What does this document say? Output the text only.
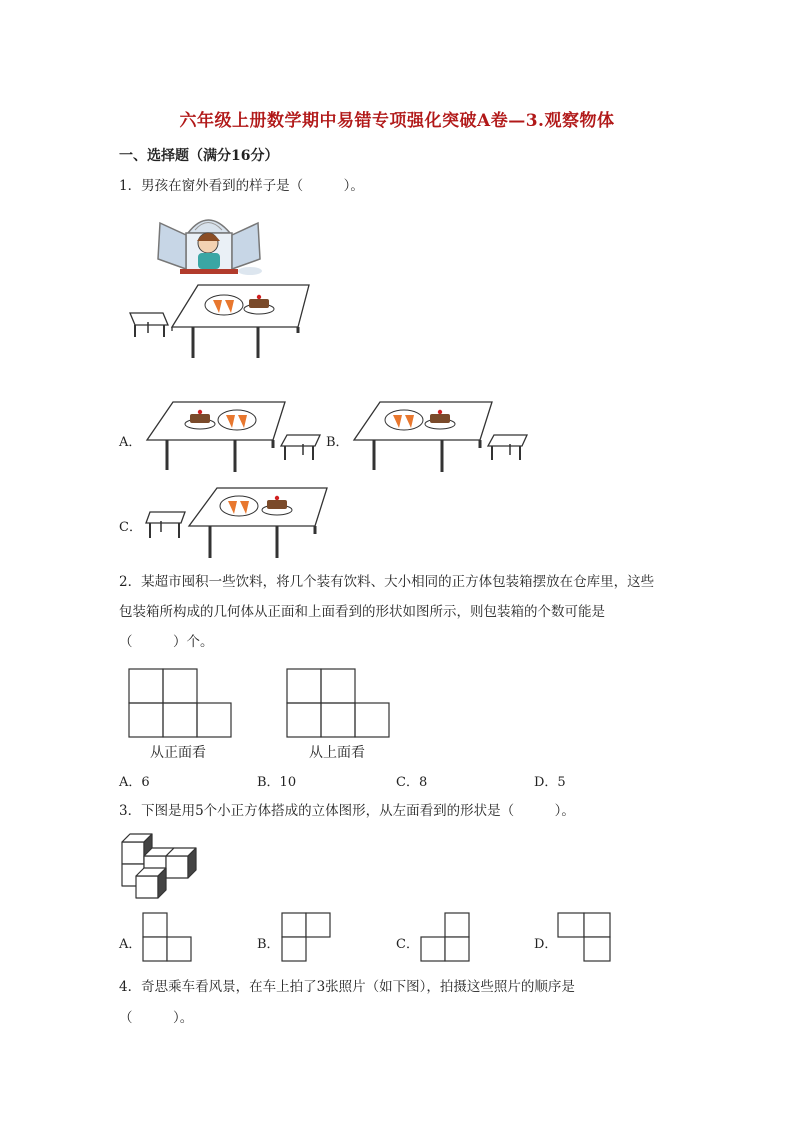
六年级上册数学期中易错专项强化突破A卷—3.观察物体
一、选择题（满分16分）
1．男孩在窗外看到的样子是（　　　）。
A．	B．
C．
2．某超市囤积一些饮料，将几个装有饮料、大小相同的正方体包装箱摆放在仓库里，这些
包装箱所构成的几何体从正面和上面看到的形状如图所示，则包装箱的个数可能是
（　　　）个。
从正面看	从上面看
A．6	B．10	C．8	D．5
3．下图是用5个小正方体搭成的立体图形，从左面看到的形状是（　　　）。
A．	B．	C．	D．
4．奇思乘车看风景，在车上拍了3张照片（如下图），拍摄这些照片的顺序是
（　　　）。
